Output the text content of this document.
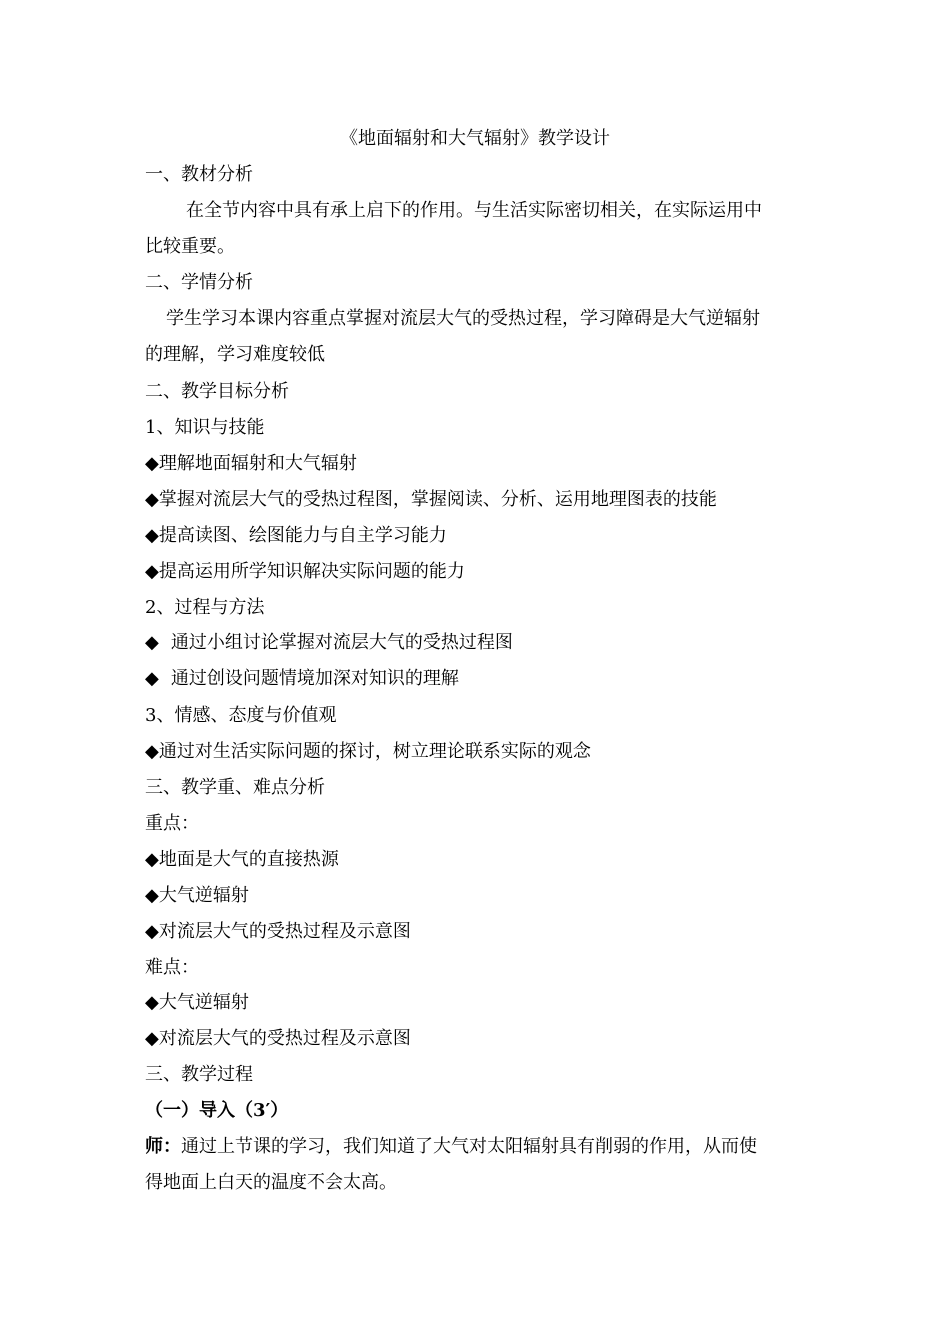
《地面辐射和大气辐射》教学设计
一、教材分析
在全节内容中具有承上启下的作用。与生活实际密切相关，在实际运用中
比较重要。
二、学情分析
学生学习本课内容重点掌握对流层大气的受热过程，学习障碍是大气逆辐射
的理解，学习难度较低
二、教学目标分析
1、知识与技能
◆理解地面辐射和大气辐射
◆掌握对流层大气的受热过程图，掌握阅读、分析、运用地理图表的技能
◆提高读图、绘图能力与自主学习能力
◆提高运用所学知识解决实际问题的能力
2、过程与方法
◆ 通过小组讨论掌握对流层大气的受热过程图
◆ 通过创设问题情境加深对知识的理解
3、情感、态度与价值观
◆通过对生活实际问题的探讨，树立理论联系实际的观念
三、教学重、难点分析
重点：
◆地面是大气的直接热源
◆大气逆辐射
◆对流层大气的受热过程及示意图
难点：
◆大气逆辐射
◆对流层大气的受热过程及示意图
三、教学过程
（一）导入（3′）
师：通过上节课的学习，我们知道了大气对太阳辐射具有削弱的作用，从而使
得地面上白天的温度不会太高。
